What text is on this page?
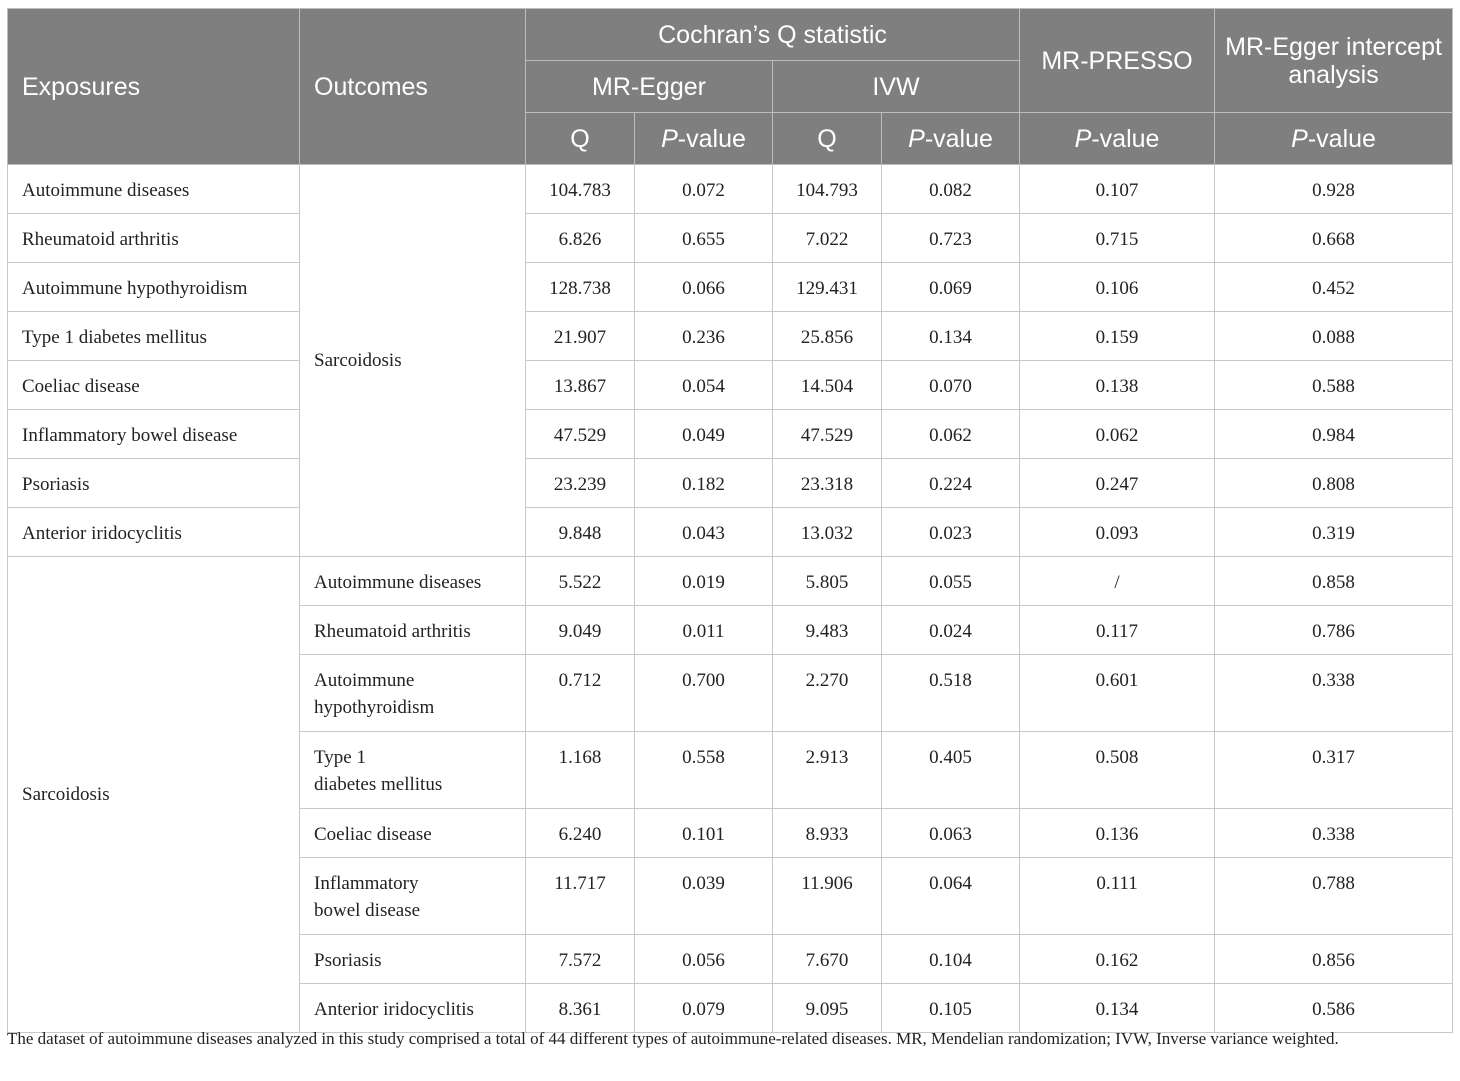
Exposures	Outcomes	Cochran’s Q statistic				MR-PRESSO	MR-Egger intercept analysis
		MR-Egger		IVW			
		Q	P-value	Q	P-value	P-value	P-value
Autoimmune diseases	Sarcoidosis	104.783	0.072	104.793	0.082	0.107	0.928
Rheumatoid arthritis		6.826	0.655	7.022	0.723	0.715	0.668
Autoimmune hypothyroidism		128.738	0.066	129.431	0.069	0.106	0.452
Type 1 diabetes mellitus		21.907	0.236	25.856	0.134	0.159	0.088
Coeliac disease		13.867	0.054	14.504	0.070	0.138	0.588
Inflammatory bowel disease		47.529	0.049	47.529	0.062	0.062	0.984
Psoriasis		23.239	0.182	23.318	0.224	0.247	0.808
Anterior iridocyclitis		9.848	0.043	13.032	0.023	0.093	0.319
Sarcoidosis	Autoimmune diseases	5.522	0.019	5.805	0.055	/	0.858
	Rheumatoid arthritis	9.049	0.011	9.483	0.024	0.117	0.786
	Autoimmune
hypothyroidism	0.712	0.700	2.270	0.518	0.601	0.338
	Type 1
diabetes mellitus	1.168	0.558	2.913	0.405	0.508	0.317
	Coeliac disease	6.240	0.101	8.933	0.063	0.136	0.338
	Inflammatory
bowel disease	11.717	0.039	11.906	0.064	0.111	0.788
	Psoriasis	7.572	0.056	7.670	0.104	0.162	0.856
	Anterior iridocyclitis	8.361	0.079	9.095	0.105	0.134	0.586
The dataset of autoimmune diseases analyzed in this study comprised a total of 44 different types of autoimmune-related diseases. MR, Mendelian randomization; IVW, Inverse variance weighted.
